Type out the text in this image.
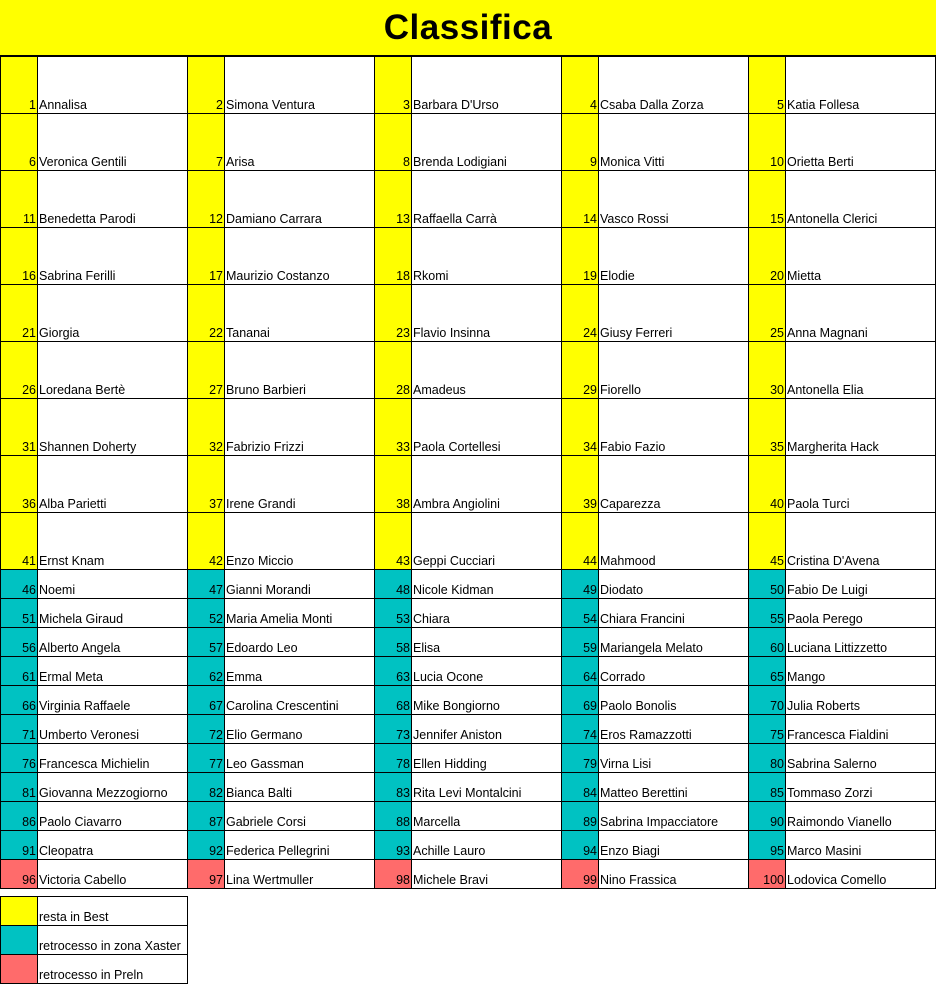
Classifica
1	Annalisa	2	Simona Ventura	3	Barbara D'Urso	4	Csaba Dalla Zorza	5	Katia Follesa
6	Veronica Gentili	7	Arisa	8	Brenda Lodigiani	9	Monica Vitti	10	Orietta Berti
11	Benedetta Parodi	12	Damiano Carrara	13	Raffaella Carrà	14	Vasco Rossi	15	Antonella Clerici
16	Sabrina Ferilli	17	Maurizio Costanzo	18	Rkomi	19	Elodie	20	Mietta
21	Giorgia	22	Tananai	23	Flavio Insinna	24	Giusy Ferreri	25	Anna Magnani
26	Loredana Bertè	27	Bruno Barbieri	28	Amadeus	29	Fiorello	30	Antonella Elia
31	Shannen Doherty	32	Fabrizio Frizzi	33	Paola Cortellesi	34	Fabio Fazio	35	Margherita Hack
36	Alba Parietti	37	Irene Grandi	38	Ambra Angiolini	39	Caparezza	40	Paola Turci
41	Ernst Knam	42	Enzo Miccio	43	Geppi Cucciari	44	Mahmood	45	Cristina D'Avena
46	Noemi	47	Gianni Morandi	48	Nicole Kidman	49	Diodato	50	Fabio De Luigi
51	Michela Giraud	52	Maria Amelia Monti	53	Chiara	54	Chiara Francini	55	Paola Perego
56	Alberto Angela	57	Edoardo Leo	58	Elisa	59	Mariangela Melato	60	Luciana Littizzetto
61	Ermal Meta	62	Emma	63	Lucia Ocone	64	Corrado	65	Mango
66	Virginia Raffaele	67	Carolina Crescentini	68	Mike Bongiorno	69	Paolo Bonolis	70	Julia Roberts
71	Umberto Veronesi	72	Elio Germano	73	Jennifer Aniston	74	Eros Ramazzotti	75	Francesca Fialdini
76	Francesca Michielin	77	Leo Gassman	78	Ellen Hidding	79	Virna Lisi	80	Sabrina Salerno
81	Giovanna Mezzogiorno	82	Bianca Balti	83	Rita Levi Montalcini	84	Matteo Berettini	85	Tommaso Zorzi
86	Paolo Ciavarro	87	Gabriele Corsi	88	Marcella	89	Sabrina Impacciatore	90	Raimondo Vianello
91	Cleopatra	92	Federica Pellegrini	93	Achille Lauro	94	Enzo Biagi	95	Marco Masini
96	Victoria Cabello	97	Lina Wertmuller	98	Michele Bravi	99	Nino Frassica	100	Lodovica Comello
	resta in Best
	retrocesso in zona Xaster
	retrocesso in Preln
